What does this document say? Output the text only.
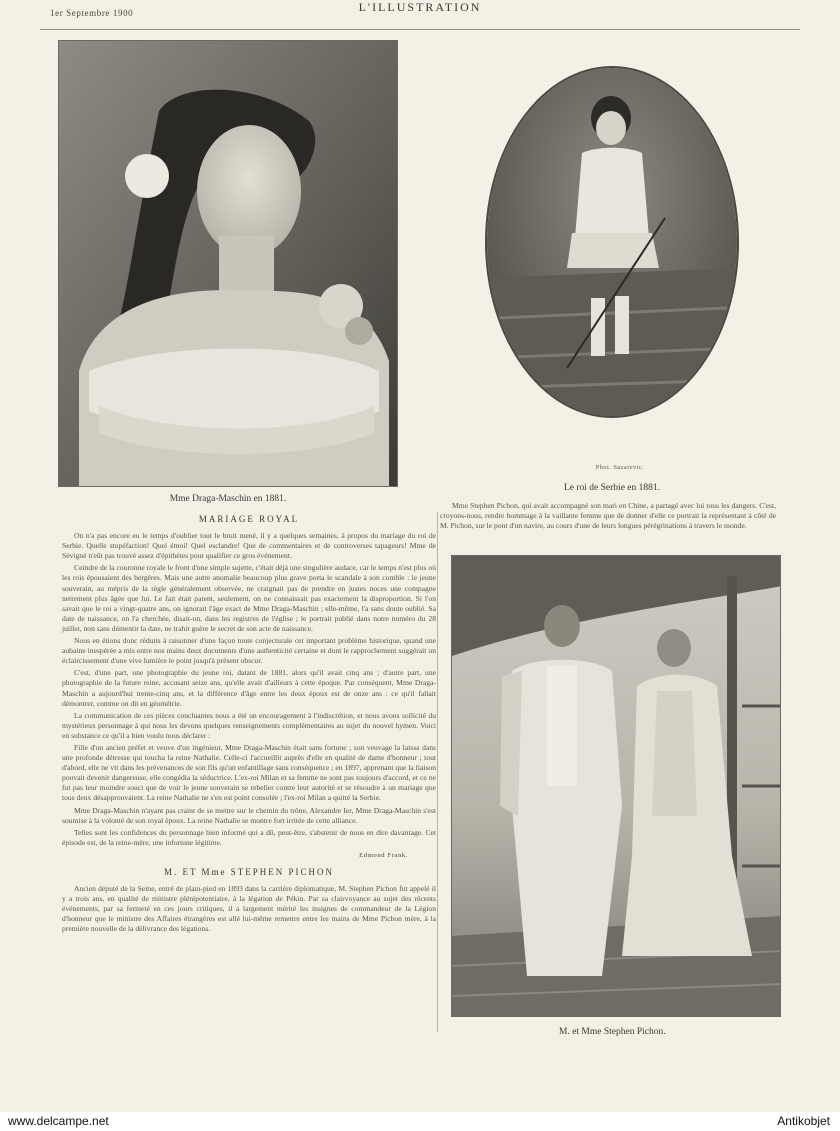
1er Septembre 1900	L'ILLUSTRATION
Mme Draga-Maschin en 1881.
Phot. Sazarevic.
Le roi de Serbie en 1881.
M. et Mme Stephen Pichon.
MARIAGE ROYAL
On n'a pas encore eu le temps d'oublier tout le bruit mené, il y a quelques semaines, à propos du mariage du roi de Serbie. Quelle stupéfaction! Quel émoi! Quel esclandre! Que de commentaires et de controverses tapageurs! Mme de Sévigné n'eût pas trouvé assez d'épithètes pour qualifier ce gros événement.
Ceindre de la couronne royale le front d'une simple sujette, c'était déjà une singulière audace, car le temps n'est plus où les rois épousaient des bergères. Mais une autre anomalie beaucoup plus grave porta le scandale à son comble : le jeune souverain, au mépris de la règle généralement observée, ne craignait pas de prendre en justes noces une compagne nettement plus âgée que lui. Le fait était patent, seulement, on ne connaissait pas exactement la disproportion. Si l'on savait que le roi a vingt-quatre ans, on ignorait l'âge exact de Mme Draga-Maschin ; elle-même, l'a sans doute oublié. Sa date de naissance, on l'a cherchée, disait-on, dans les registres de l'église ; le portrait publié dans notre numéro du 28 juillet, non sans démentir la date, ne trahit guère le secret de son acte de naissance.
Nous en étions donc réduits à raisonner d'une façon toute conjecturale cet important problème historique, quand une aubaine inespérée a mis entre nos mains deux documents d'une authenticité certaine et dont le rapprochement suggérait un éclaircissement d'une vive lumière le point jusqu'à présent obscur.
C'est, d'une part, une photographie du jeune roi, datant de 1881, alors qu'il avait cinq ans ; d'autre part, une photographie de la future reine, accusant seize ans, qu'elle avait d'ailleurs à cette époque. Par conséquent, Mme Draga-Maschin a aujourd'hui trente-cinq ans, et la différence d'âge entre les deux époux est de onze ans : ce qu'il fallait démontrer, comme on dit en géométrie.
La communication de ces pièces concluantes nous a été un encouragement à l'indiscrétion, et nous avons sollicité du mystérieux personnage à qui nous les devons quelques renseignements complémentaires au sujet du nouvel hymen. Voici en substance ce qu'il a bien voulu nous déclarer :
Fille d'un ancien préfet et veuve d'un ingénieur, Mme Draga-Maschin était sans fortune ; son veuvage la laissa dans une profonde détresse qui toucha la reine Nathalie. Celle-ci l'accueillit auprès d'elle en qualité de dame d'honneur ; tout d'abord, elle ne vit dans les prévenances de son fils qu'un enfantillage sans conséquence ; en 1897, apprenant que la liaison pouvait devenir dangereuse, elle congédia la séductrice. L'ex-roi Milan et sa femme ne sont pas toujours d'accord, et ce ne fut pas leur moindre souci que de voir le jeune souverain se rebeller contre leur autorité et se résoudre à un mariage que tous deux désapprouvaient. La reine Nathalie ne s'en est point consolée ; l'ex-roi Milan a quitté la Serbie.
Mme Draga-Maschin n'ayant pas craint de se mettre sur le chemin du trône, Alexandre Ier, Mme Draga-Maschin s'est soumise à la volonté de son royal époux. La reine Nathalie se montre fort irritée de cette alliance.
Telles sont les confidences du personnage bien informé qui a dû, peut-être, s'abstenir de nous en dire davantage. Cet épisode est, de la reine-mère, une infortune légitime.
Edmond Frank.
M. ET Mme STEPHEN PICHON
Ancien député de la Seine, entré de plain-pied en 1893 dans la carrière diplomatique, M. Stephen Pichon fut appelé il y a trois ans, en qualité de ministre plénipotentiaire, à la légation de Pékin. Par sa clairvoyance au sujet des récents événements, par sa fermeté en ces jours critiques, il a largement mérité les insignes de commandeur de la Légion d'honneur que le ministre des Affaires étrangères est allé lui-même remettre entre les mains de Mme Pichon mère, à la première nouvelle de la délivrance des légations.
Mme Stephen Pichon, qui avait accompagné son mari en Chine, a partagé avec lui tous les dangers. C'est, croyons-nous, rendre hommage à la vaillante femme que de donner d'elle ce portrait la représentant à côté de M. Pichon, sur le pont d'un navire, au cours d'une de leurs longues pérégrinations à travers le monde.
www.delcampe.net	Antikobjet
